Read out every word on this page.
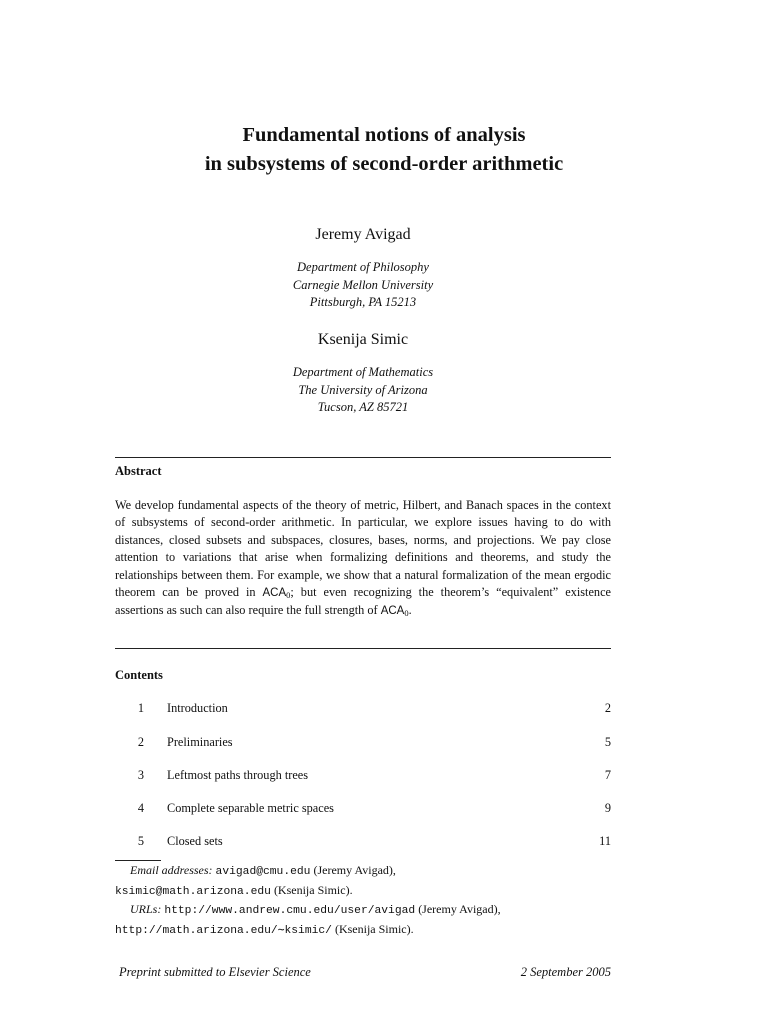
Fundamental notions of analysis
in subsystems of second-order arithmetic
Jeremy Avigad
Department of Philosophy
Carnegie Mellon University
Pittsburgh, PA 15213
Ksenija Simic
Department of Mathematics
The University of Arizona
Tucson, AZ 85721
Abstract
We develop fundamental aspects of the theory of metric, Hilbert, and Banach spaces in the context of subsystems of second-order arithmetic. In particular, we explore issues having to do with distances, closed subsets and subspaces, closures, bases, norms, and projections. We pay close attention to variations that arise when formalizing definitions and theorems, and study the relationships between them. For example, we show that a natural formalization of the mean ergodic theorem can be proved in $ACA_0$; but even recognizing the theorem’s “equivalent” existence assertions as such can also require the full strength of $ACA_0$.
Contents
1 Introduction	2
2 Preliminaries	5
3 Leftmost paths through trees	7
4 Complete separable metric spaces	9
5 Closed sets	11
Email addresses: avigad@cmu.edu (Jeremy Avigad),
ksimic@math.arizona.edu (Ksenija Simic).
URLs: http://www.andrew.cmu.edu/user/avigad (Jeremy Avigad),
http://math.arizona.edu/∼ksimic/ (Ksenija Simic).
Preprint submitted to Elsevier Science	2 September 2005
